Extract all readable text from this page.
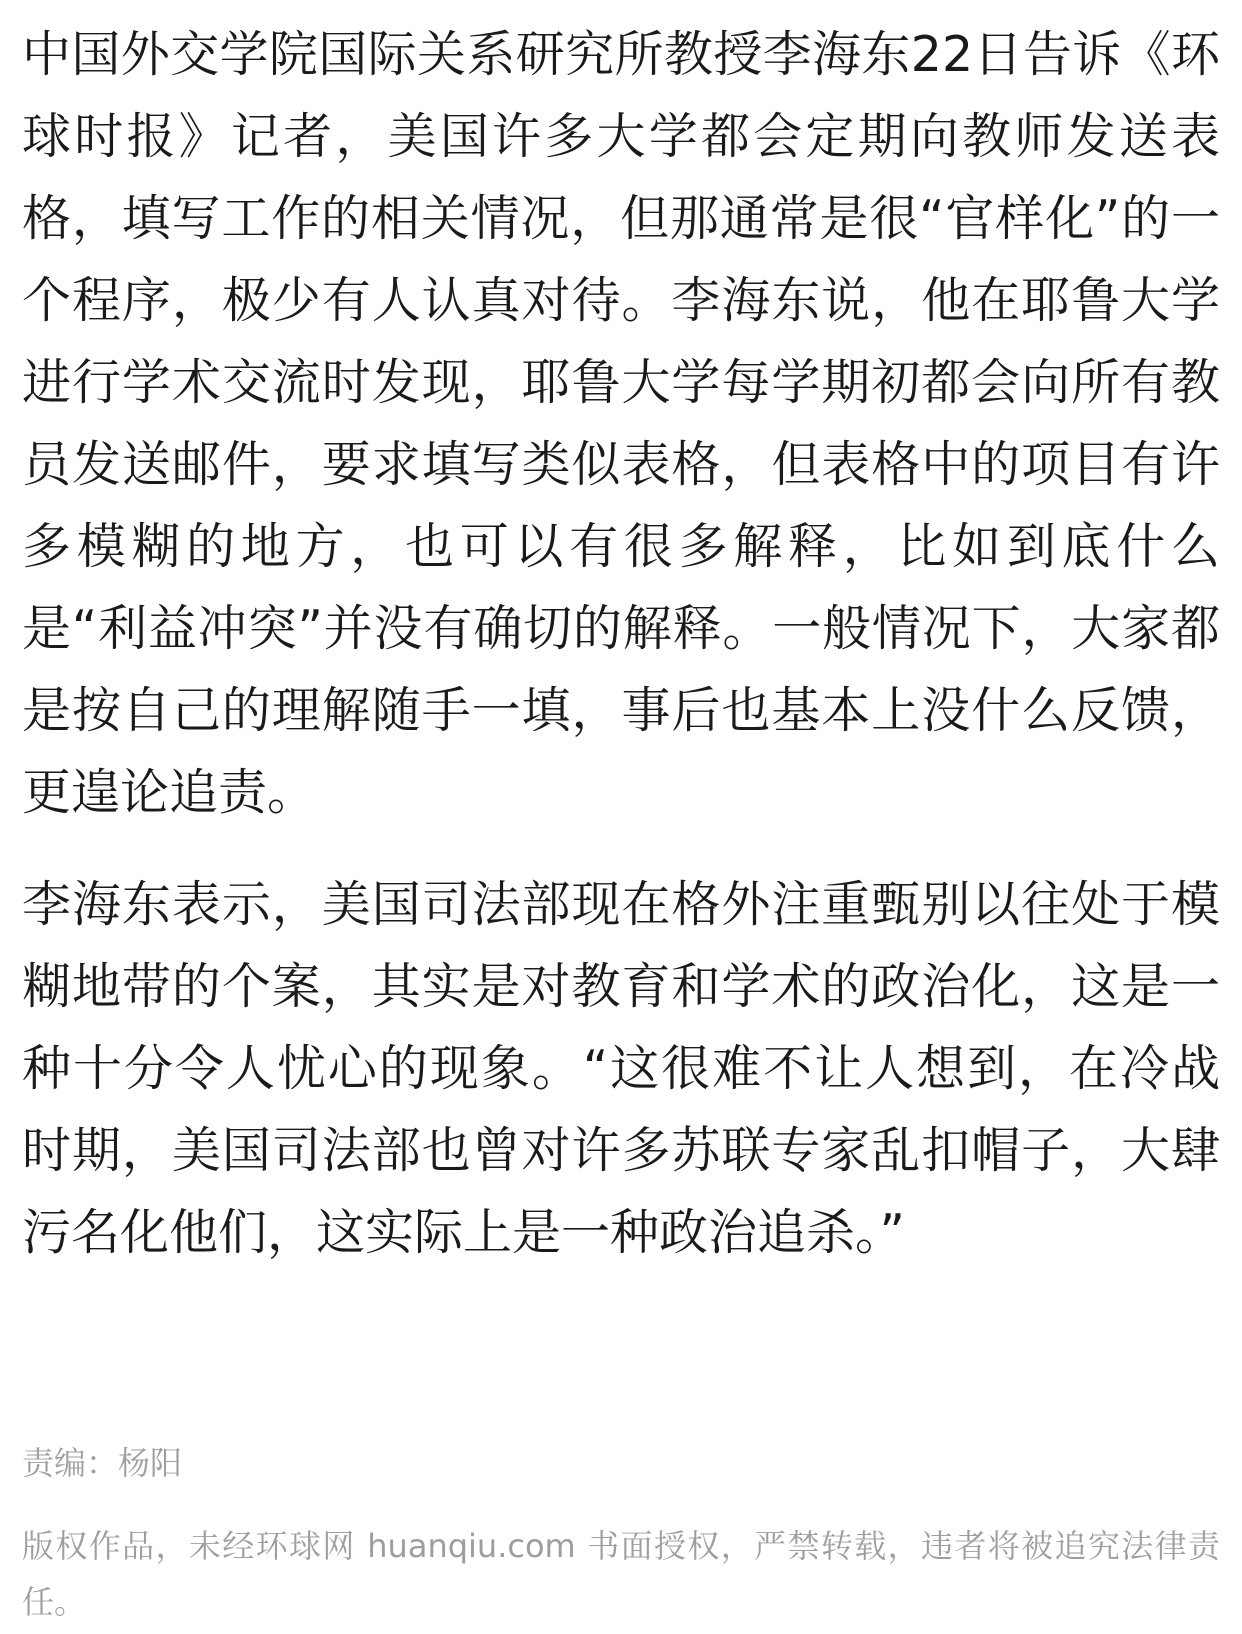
中国外交学院国际关系研究所教授李海东22日告诉《环球时报》记者，美国许多大学都会定期向教师发送表格，填写工作的相关情况，但那通常是很“官样化”的一个程序，极少有人认真对待。李海东说，他在耶鲁大学进行学术交流时发现，耶鲁大学每学期初都会向所有教员发送邮件，要求填写类似表格，但表格中的项目有许多模糊的地方，也可以有很多解释，比如到底什么是“利益冲突”并没有确切的解释。一般情况下，大家都是按自己的理解随手一填，事后也基本上没什么反馈，更遑论追责。

李海东表示，美国司法部现在格外注重甄别以往处于模糊地带的个案，其实是对教育和学术的政治化，这是一种十分令人忧心的现象。“这很难不让人想到，在冷战时期，美国司法部也曾对许多苏联专家乱扣帽子，大肆污名化他们，这实际上是一种政治追杀。”

责编：杨阳
版权作品，未经环球网 huanqiu.com 书面授权，严禁转载，违者将被追究法律责任。
